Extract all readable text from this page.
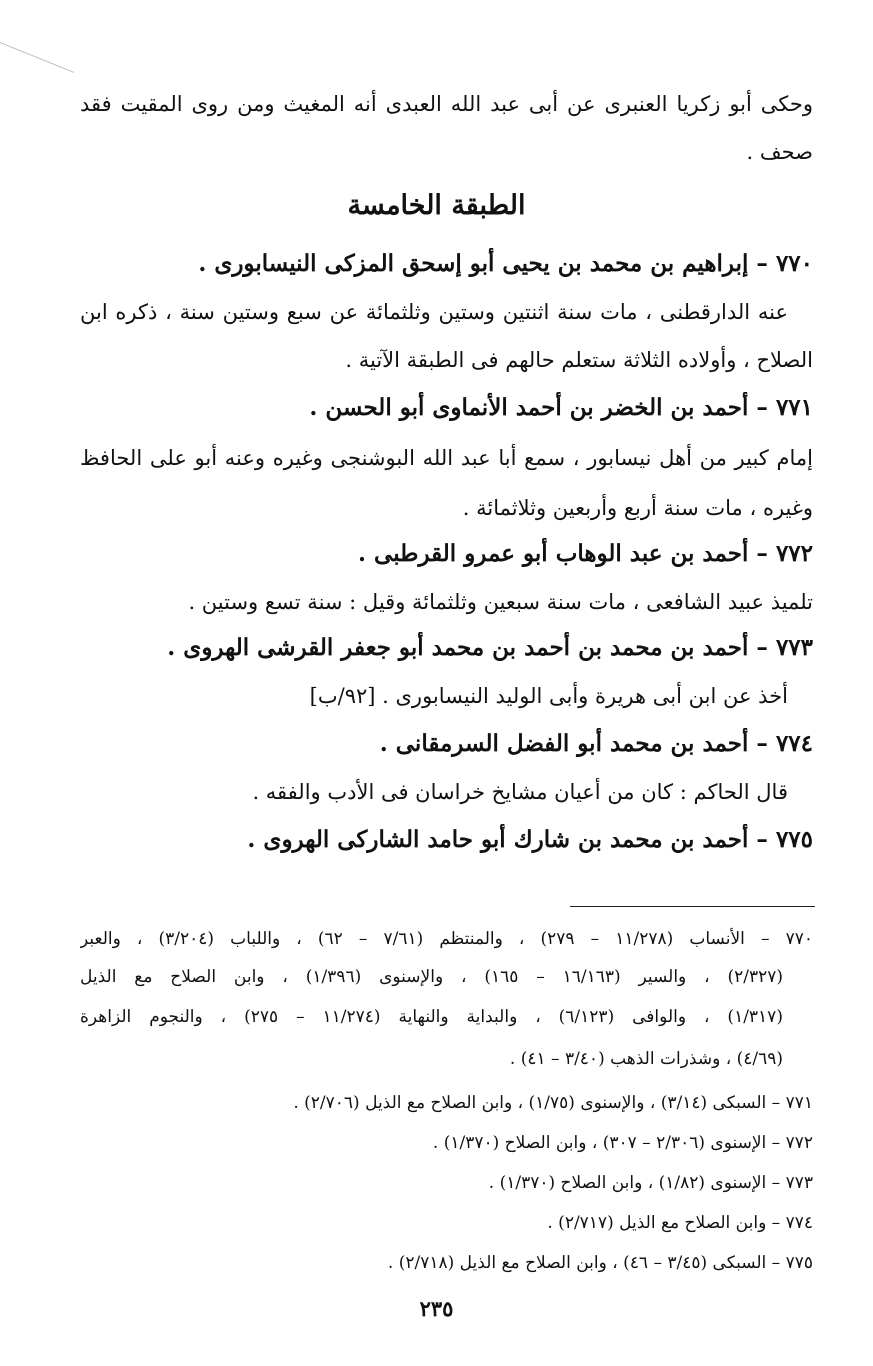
وحكى أبو زكريا العنبرى عن أبى عبد الله العبدى أنه المغيث ومن روى المقيت فقد
صحف .
الطبقة الخامسة
٧٧٠ – إبراهيم بن محمد بن يحيى أبو إسحق المزكى النيسابورى .
عنه الدارقطنى ، مات سنة اثنتين وستين وثلثمائة عن سبع وستين سنة ، ذكره ابن
الصلاح ، وأولاده الثلاثة ستعلم حالهم فى الطبقة الآتية .
٧٧١ – أحمد بن الخضر بن أحمد الأنماوى أبو الحسن .
إمام كبير من أهل نيسابور ، سمع أبا عبد الله البوشنجى وغيره وعنه أبو على الحافظ
وغيره ، مات سنة أربع وأربعين وثلاثمائة .
٧٧٢ – أحمد بن عبد الوهاب أبو عمرو القرطبى .
تلميذ عبيد الشافعى ، مات سنة سبعين وثلثمائة وقيل : سنة تسع وستين .
٧٧٣ – أحمد بن محمد بن أحمد بن محمد أبو جعفر القرشى الهروى .
أخذ عن ابن أبى هريرة وأبى الوليد النيسابورى . [٩٢/ب]
٧٧٤ – أحمد بن محمد أبو الفضل السرمقانى .
قال الحاكم : كان من أعيان مشايخ خراسان فى الأدب والفقه .
٧٧٥ – أحمد بن محمد بن شارك أبو حامد الشاركى الهروى .
٧٧٠ – الأنساب (١١/٢٧٨ – ٢٧٩) ، والمنتظم (٧/٦١ – ٦٢) ، واللباب (٣/٢٠٤) ، والعبر
(٢/٣٢٧) ، والسير (١٦/١٦٣ – ١٦٥) ، والإسنوى (١/٣٩٦) ، وابن الصلاح مع الذيل
(١/٣١٧) ، والوافى (٦/١٢٣) ، والبداية والنهاية (١١/٢٧٤ – ٢٧٥) ، والنجوم الزاهرة
(٤/٦٩) ، وشذرات الذهب (٣/٤٠ – ٤١) .
٧٧١ – السبكى (٣/١٤) ، والإسنوى (١/٧٥) ، وابن الصلاح مع الذيل (٢/٧٠٦) .
٧٧٢ – الإسنوى (٢/٣٠٦ – ٣٠٧) ، وابن الصلاح (١/٣٧٠) .
٧٧٣ – الإسنوى (١/٨٢) ، وابن الصلاح (١/٣٧٠) .
٧٧٤ – وابن الصلاح مع الذيل (٢/٧١٧) .
٧٧٥ – السبكى (٣/٤٥ – ٤٦) ، وابن الصلاح مع الذيل (٢/٧١٨) .
٢٣٥
